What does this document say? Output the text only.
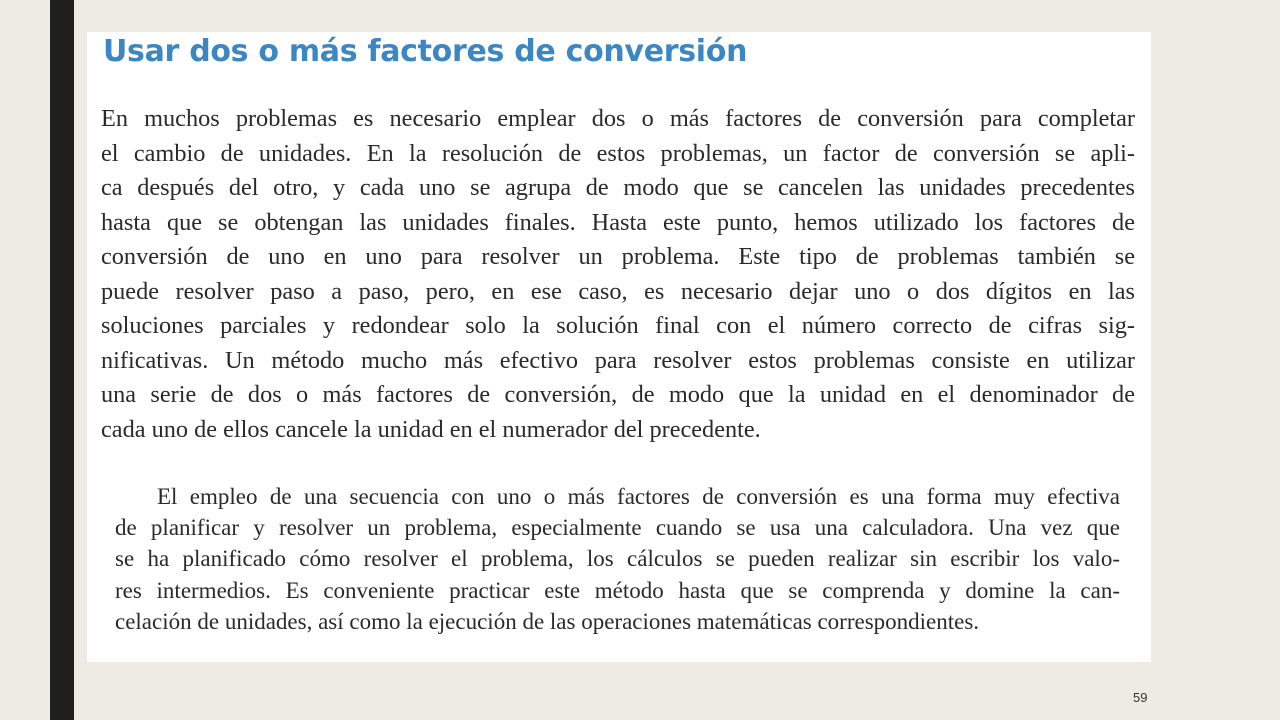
Usar dos o más factores de conversión

En muchos problemas es necesario emplear dos o más factores de conversión para completar
el cambio de unidades. En la resolución de estos problemas, un factor de conversión se apli-
ca después del otro, y cada uno se agrupa de modo que se cancelen las unidades precedentes
hasta que se obtengan las unidades finales. Hasta este punto, hemos utilizado los factores de
conversión de uno en uno para resolver un problema. Este tipo de problemas también se
puede resolver paso a paso, pero, en ese caso, es necesario dejar uno o dos dígitos en las
soluciones parciales y redondear solo la solución final con el número correcto de cifras sig-
nificativas. Un método mucho más efectivo para resolver estos problemas consiste en utilizar
una serie de dos o más factores de conversión, de modo que la unidad en el denominador de
cada uno de ellos cancele la unidad en el numerador del precedente.

El empleo de una secuencia con uno o más factores de conversión es una forma muy efectiva
de planificar y resolver un problema, especialmente cuando se usa una calculadora. Una vez que
se ha planificado cómo resolver el problema, los cálculos se pueden realizar sin escribir los valo-
res intermedios. Es conveniente practicar este método hasta que se comprenda y domine la can-
celación de unidades, así como la ejecución de las operaciones matemáticas correspondientes.

59
